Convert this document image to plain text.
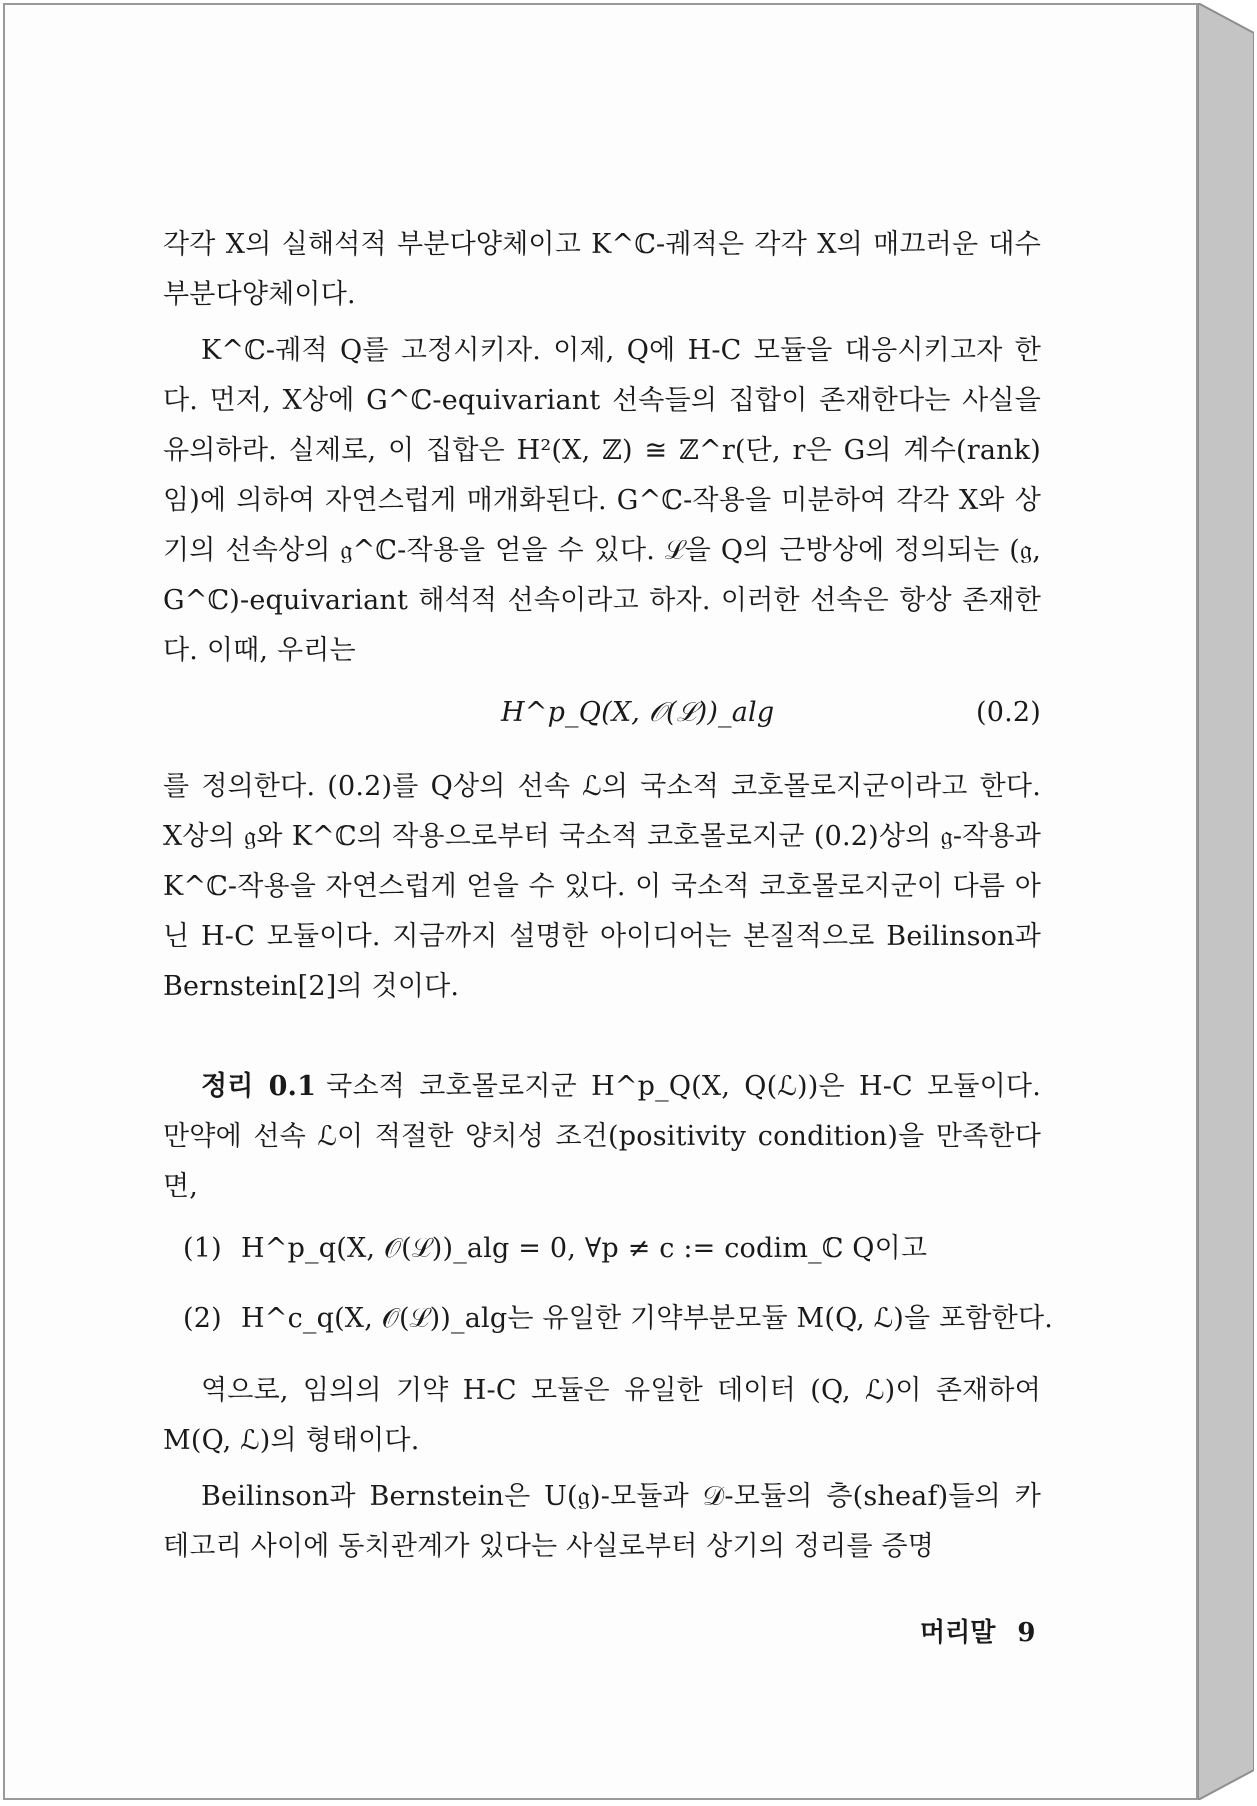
각각 X의 실해석적 부분다양체이고 K^ℂ-궤적은 각각 X의 매끄러운 대수 부분다양체이다.

K^ℂ-궤적 Q를 고정시키자. 이제, Q에 H-C 모듈을 대응시키고자 한다. 먼저, X상에 G^ℂ-equivariant 선속들의 집합이 존재한다는 사실을 유의하라. 실제로, 이 집합은 H²(X, ℤ) ≅ ℤ^r(단, r은 G의 계수(rank)임)에 의하여 자연스럽게 매개화된다. G^ℂ-작용을 미분하여 각각 X와 상기의 선속상의 𝔤^ℂ-작용을 얻을 수 있다. ℒ을 Q의 근방상에 정의되는 (𝔤, G^ℂ)-equivariant 해석적 선속이라고 하자. 이러한 선속은 항상 존재한다. 이때, 우리는

H^p_Q(X, 𝒪(ℒ))_alg	(0.2)

를 정의한다. (0.2)를 Q상의 선속 ℒ의 국소적 코호몰로지군이라고 한다. X상의 𝔤와 K^ℂ의 작용으로부터 국소적 코호몰로지군 (0.2)상의 𝔤-작용과 K^ℂ-작용을 자연스럽게 얻을 수 있다. 이 국소적 코호몰로지군이 다름 아닌 H-C 모듈이다. 지금까지 설명한 아이디어는 본질적으로 Beilinson과 Bernstein[2]의 것이다.

정리 0.1 국소적 코호몰로지군 H^p_Q(X, Q(ℒ))은 H-C 모듈이다. 만약에 선속 ℒ이 적절한 양치성 조건(positivity condition)을 만족한다면,

(1) H^p_q(X, 𝒪(ℒ))_alg = 0, ∀p ≠ c := codim_ℂ Q이고
(2) H^c_q(X, 𝒪(ℒ))_alg는 유일한 기약부분모듈 M(Q, ℒ)을 포함한다.

역으로, 임의의 기약 H-C 모듈은 유일한 데이터 (Q, ℒ)이 존재하여 M(Q, ℒ)의 형태이다.

Beilinson과 Bernstein은 U(𝔤)-모듈과 𝒟-모듈의 층(sheaf)들의 카테고리 사이에 동치관계가 있다는 사실로부터 상기의 정리를 증명

머리말 9
